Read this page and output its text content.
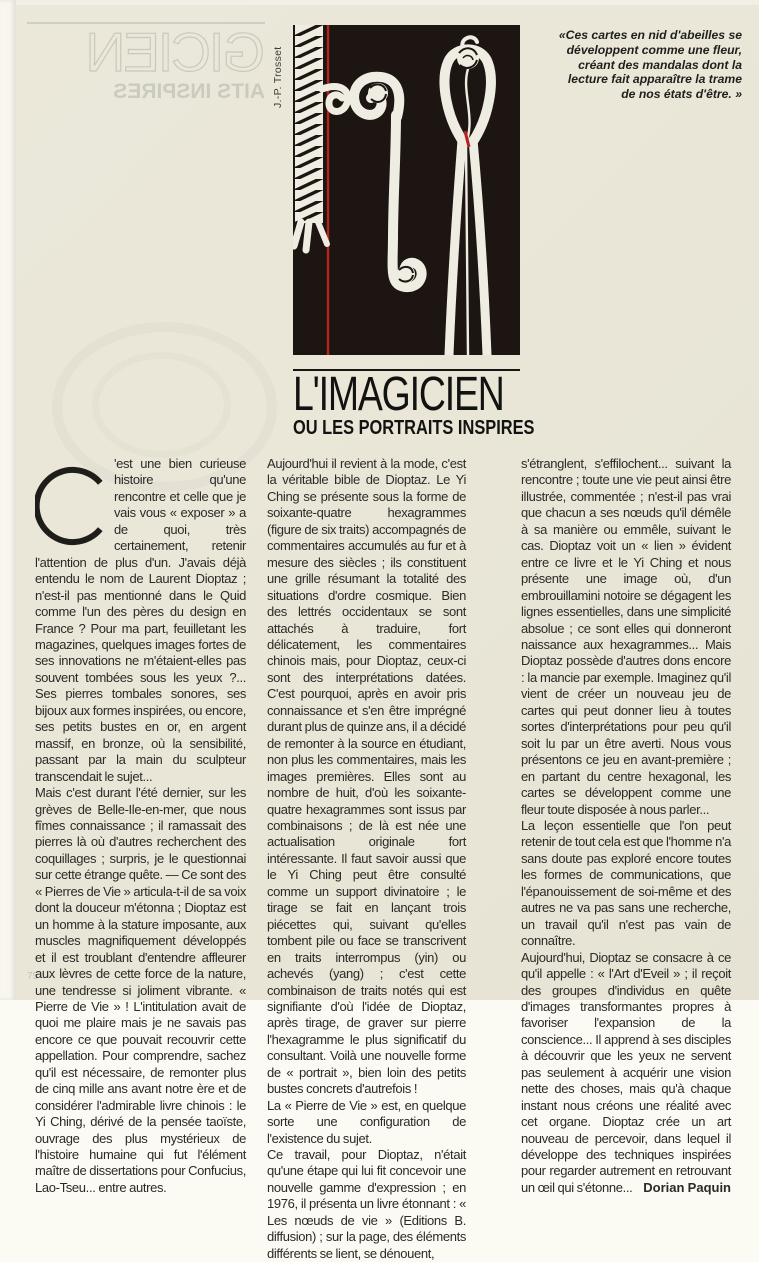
GICIEN
AITS INSPIRES J.-P. Trosset
«Ces cartes en nid d'abeilles se développent comme une fleur, créant des mandalas dont la lecture fait apparaître la trame de nos états d'être. »
L'IMAGICIEN
OU LES PORTRAITS INSPIRES

'est une bien curieuse histoire qu'une rencontre et celle que je vais vous « exposer » a de quoi, très certainement, retenir l'attention de plus d'un. J'avais déjà entendu le nom de Laurent Dioptaz ; n'est-il pas mentionné dans le Quid comme l'un des pères du design en France ? Pour ma part, feuilletant les magazines, quelques images fortes de ses innovations ne m'étaient-elles pas souvent tombées sous les yeux ?... Ses pierres tombales sonores, ses bijoux aux formes inspirées, ou encore, ses petits bustes en or, en argent massif, en bronze, où la sensibilité, passant par la main du sculpteur transcendait le sujet...

Mais c'est durant l'été dernier, sur les grèves de Belle-Ile-en-mer, que nous fîmes connaissance ; il ramassait des pierres là où d'autres recherchent des coquillages ; surpris, je le questionnai sur cette étrange quête. — Ce sont des « Pierres de Vie » articula-t-il de sa voix dont la douceur m'étonna ; Dioptaz est un homme à la stature imposante, aux muscles magnifiquement développés et il est troublant d'entendre affleurer aux lèvres de cette force de la nature, une tendresse si joliment vibrante. « Pierre de Vie » ! L'intitulation avait de quoi me plaire mais je ne savais pas encore ce que pouvait recouvrir cette appellation. Pour comprendre, sachez qu'il est nécessaire, de remonter plus de cinq mille ans avant notre ère et de considérer l'admirable livre chinois : le Yi Ching, dérivé de la pensée taoïste, ouvrage des plus mystérieux de l'histoire humaine qui fut l'élément maître de dissertations pour Confucius, Lao-Tseu... entre autres.

Aujourd'hui il revient à la mode, c'est la véritable bible de Dioptaz. Le Yi Ching se présente sous la forme de soixante-quatre hexagrammes (figure de six traits) accompagnés de commentaires accumulés au fur et à mesure des siècles ; ils constituent une grille résumant la totalité des situations d'ordre cosmique. Bien des lettrés occidentaux se sont attachés à traduire, fort délicatement, les commentaires chinois mais, pour Dioptaz, ceux-ci sont des interprétations datées. C'est pourquoi, après en avoir pris connaissance et s'en être imprégné durant plus de quinze ans, il a décidé de remonter à la source en étudiant, non plus les commentaires, mais les images premières. Elles sont au nombre de huit, d'où les soixante-quatre hexagrammes sont issus par combinaisons ; de là est née une actualisation originale fort intéressante. Il faut savoir aussi que le Yi Ching peut être consulté comme un support divinatoire ; le tirage se fait en lançant trois piécettes qui, suivant qu'elles tombent pile ou face se transcrivent en traits interrompus (yin) ou achevés (yang) ; c'est cette combinaison de traits notés qui est signifiante d'où l'idée de Dioptaz, après tirage, de graver sur pierre l'hexagramme le plus significatif du consultant. Voilà une nouvelle forme de « portrait », bien loin des petits bustes concrets d'autrefois !

La « Pierre de Vie » est, en quelque sorte une configuration de l'existence du sujet.

Ce travail, pour Dioptaz, n'était qu'une étape qui lui fit concevoir une nouvelle gamme d'expression ; en 1976, il présenta un livre étonnant : « Les nœuds de vie » (Editions B. diffusion) ; sur la page, des éléments différents se lient, se dénouent,

s'étranglent, s'effilochent... suivant la rencontre ; toute une vie peut ainsi être illustrée, commentée ; n'est-il pas vrai que chacun a ses nœuds qu'il démêle à sa manière ou emmêle, suivant le cas. Dioptaz voit un « lien » évident entre ce livre et le Yi Ching et nous présente une image où, d'un embrouillamini notoire se dégagent les lignes essentielles, dans une simplicité absolue ; ce sont elles qui donneront naissance aux hexagrammes... Mais Dioptaz possède d'autres dons encore : la mancie par exemple. Imaginez qu'il vient de créer un nouveau jeu de cartes qui peut donner lieu à toutes sortes d'interprétations pour peu qu'il soit lu par un être averti. Nous vous présentons ce jeu en avant-première ; en partant du centre hexagonal, les cartes se développent comme une fleur toute disposée à nous parler...

La leçon essentielle que l'on peut retenir de tout cela est que l'homme n'a sans doute pas exploré encore toutes les formes de communications, que l'épanouissement de soi-même et des autres ne va pas sans une recherche, un travail qu'il n'est pas vain de connaître.

Aujourd'hui, Dioptaz se consacre à ce qu'il appelle : « l'Art d'Eveil » ; il reçoit des groupes d'individus en quête d'images transformantes propres à favoriser l'expansion de la conscience... Il apprend à ses disciples à découvrir que les yeux ne servent pas seulement à acquérir une vision nette des choses, mais qu'à chaque instant nous créons une réalité avec cet organe. Dioptaz crée un art nouveau de percevoir, dans lequel il développe des techniques inspirées pour regarder autrement en retrouvant un œil qui s'étonne... Dorian Paquin

75
